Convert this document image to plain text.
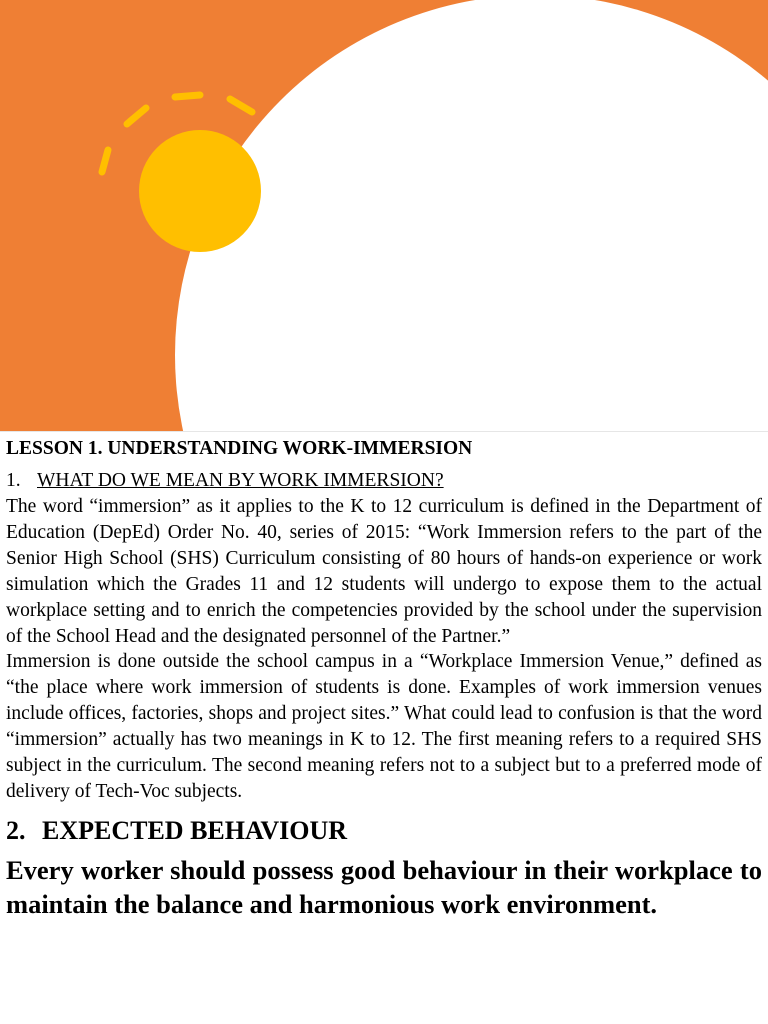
LESSON 1. UNDERSTANDING WORK-IMMERSION
1. WHAT DO WE MEAN BY WORK IMMERSION?

The word “immersion” as it applies to the K to 12 curriculum is defined in the Department of Education (DepEd) Order No. 40, series of 2015: “Work Immersion refers to the part of the Senior High School (SHS) Curriculum consisting of 80 hours of hands-on experience or work simulation which the Grades 11 and 12 students will undergo to expose them to the actual workplace setting and to enrich the competencies provided by the school under the supervision of the School Head and the designated personnel of the Partner.”

Immersion is done outside the school campus in a “Workplace Immersion Venue,” defined as “the place where work immersion of students is done. Examples of work immersion venues include offices, factories, shops and project sites.” What could lead to confusion is that the word “immersion” actually has two meanings in K to 12. The first meaning refers to a required SHS subject in the curriculum. The second meaning refers not to a subject but to a preferred mode of delivery of Tech-Voc subjects.

2. EXPECTED BEHAVIOUR

Every worker should possess good behaviour in their workplace to maintain the balance and harmonious work environment.
